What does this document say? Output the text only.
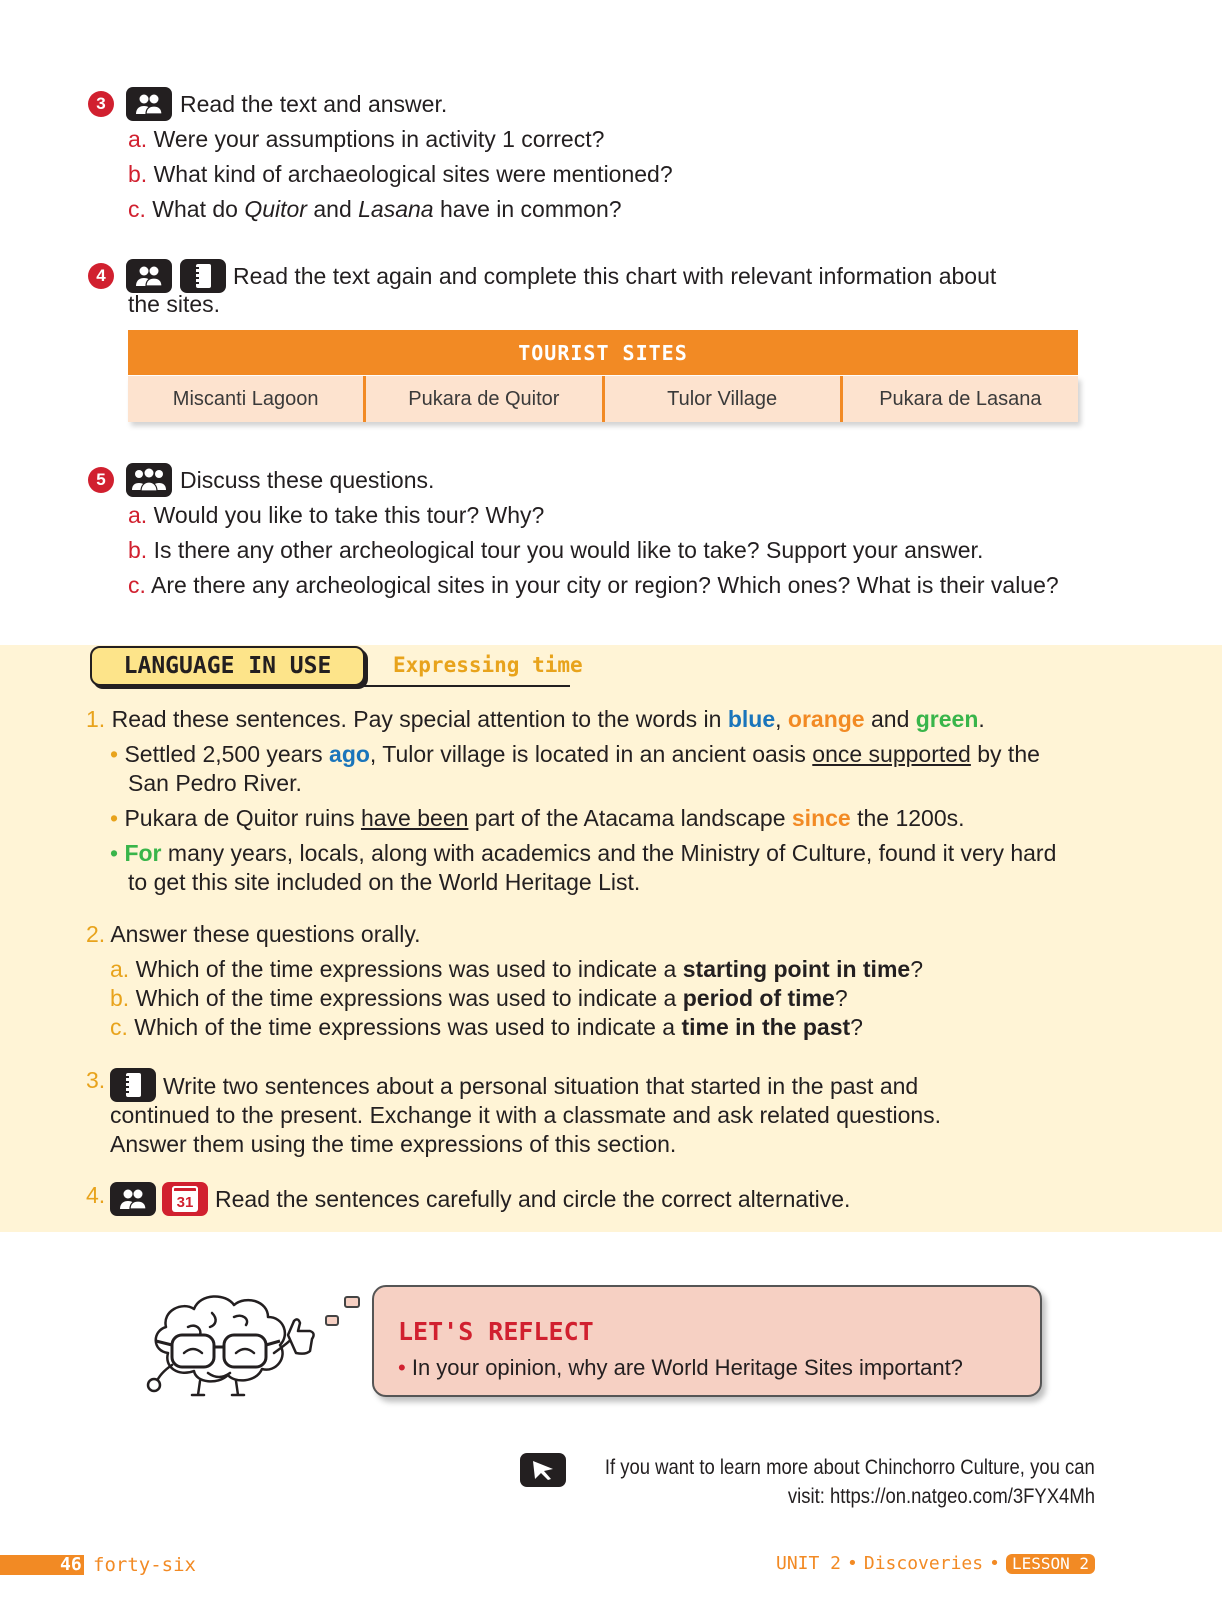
3	Read the text and answer.
a. Were your assumptions in activity 1 correct?
b. What kind of archaeological sites were mentioned?
c. What do Quitor and Lasana have in common?
4	Read the text again and complete this chart with relevant information about
the sites.
TOURIST SITES
Miscanti Lagoon	Pukara de Quitor	Tulor Village	Pukara de Lasana
5	Discuss these questions.
a. Would you like to take this tour? Why?
b. Is there any other archeological tour you would like to take? Support your answer.
c. Are there any archeological sites in your city or region? Which ones? What is their value?
LANGUAGE IN USE	Expressing time
1. Read these sentences. Pay special attention to the words in blue, orange and green.
• Settled 2,500 years ago, Tulor village is located in an ancient oasis once supported by the
San Pedro River.
• Pukara de Quitor ruins have been part of the Atacama landscape since the 1200s.
• For many years, locals, along with academics and the Ministry of Culture, found it very hard
to get this site included on the World Heritage List.
2. Answer these questions orally.
a. Which of the time expressions was used to indicate a starting point in time?
b. Which of the time expressions was used to indicate a period of time?
c. Which of the time expressions was used to indicate a time in the past?
3.	Write two sentences about a personal situation that started in the past and
continued to the present. Exchange it with a classmate and ask related questions.
Answer them using the time expressions of this section.
4.	31 Read the sentences carefully and circle the correct alternative.
LET'S REFLECT
• In your opinion, why are World Heritage Sites important?
If you want to learn more about Chinchorro Culture, you can
visit: https://on.natgeo.com/3FYX4Mh
46 forty-six	UNIT 2 • Discoveries • LESSON 2
